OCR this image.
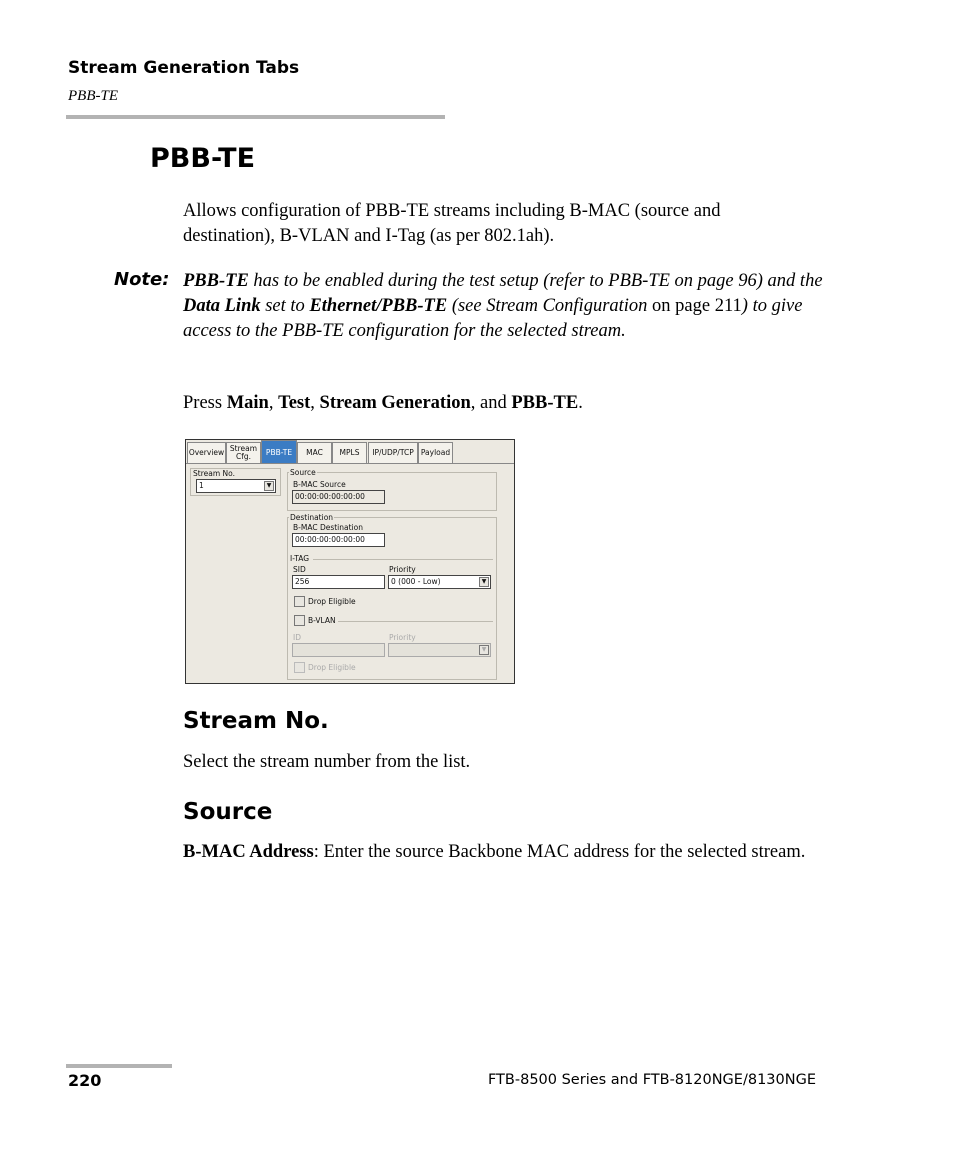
Stream Generation Tabs
PBB-TE
PBB-TE
Allows configuration of PBB-TE streams including B-MAC (source and destination), B-VLAN and I-Tag (as per 802.1ah).
Note: PBB-TE has to be enabled during the test setup (refer to PBB-TE on page 96) and the Data Link set to Ethernet/PBB-TE (see Stream Configuration on page 211) to give access to the PBB-TE configuration for the selected stream.
Press Main, Test, Stream Generation, and PBB-TE.
Overview Stream Cfg.	PBB-TE	MAC	MPLS	IP/UDP/TCP Payload
Stream No.
1	▼
Source
B-MAC Source
00:00:00:00:00:00
Destination
B-MAC Destination
00:00:00:00:00:00
I-TAG
SID
256
Priority
0 (000 - Low)	▼
Drop Eligible
B-VLAN
ID	Priority
▼
Drop Eligible
Stream No.
Select the stream number from the list.
Source
B-MAC Address: Enter the source Backbone MAC address for the selected stream.
220	FTB-8500 Series and FTB-8120NGE/8130NGE
